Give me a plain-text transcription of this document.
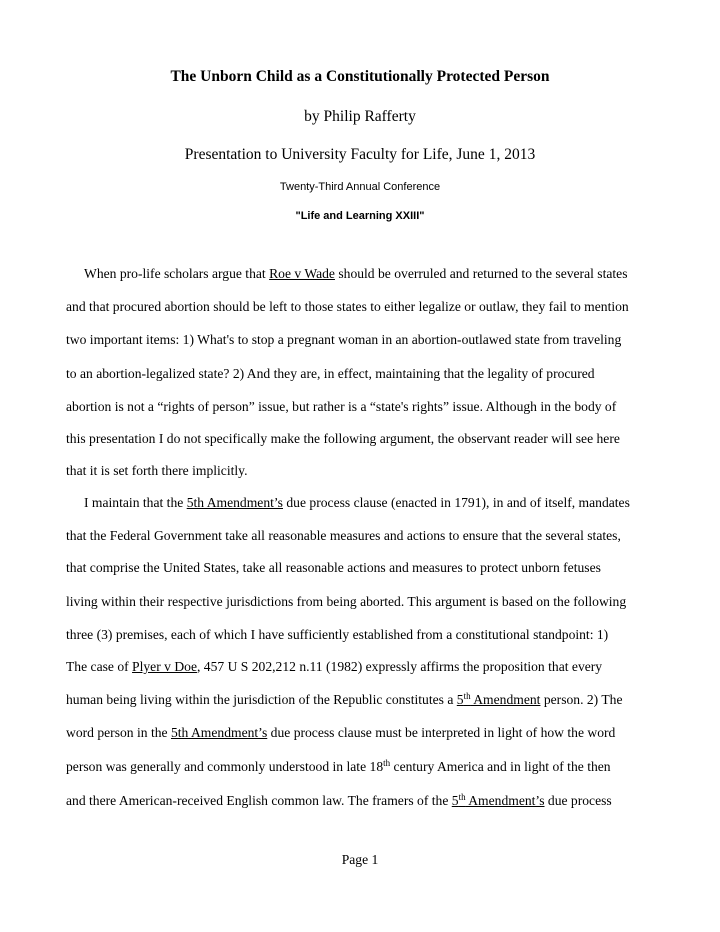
The Unborn Child as a Constitutionally Protected Person
by Philip Rafferty
Presentation to University Faculty for Life, June 1, 2013
Twenty-Third Annual Conference
"Life and Learning XXIII"
When pro-life scholars argue that Roe v Wade should be overruled and returned to the several states
and that procured abortion should be left to those states to either legalize or outlaw, they fail to mention
two important items: 1) What's to stop a pregnant woman in an abortion-outlawed state from traveling
to an abortion-legalized state? 2) And they are, in effect, maintaining that the legality of procured
abortion is not a “rights of person” issue, but rather is a “state's rights” issue. Although in the body of
this presentation I do not specifically make the following argument, the observant reader will see here
that it is set forth there implicitly.
I maintain that the 5th Amendment’s due process clause (enacted in 1791), in and of itself, mandates
that the Federal Government take all reasonable measures and actions to ensure that the several states,
that comprise the United States, take all reasonable actions and measures to protect unborn fetuses
living within their respective jurisdictions from being aborted. This argument is based on the following
three (3) premises, each of which I have sufficiently established from a constitutional standpoint: 1)
The case of Plyer v Doe, 457 U S 202,212 n.11 (1982) expressly affirms the proposition that every
human being living within the jurisdiction of the Republic constitutes a 5th Amendment person. 2) The
word person in the 5th Amendment’s due process clause must be interpreted in light of how the word
person was generally and commonly understood in late 18th century America and in light of the then
and there American-received English common law. The framers of the 5th Amendment’s due process
Page 1
